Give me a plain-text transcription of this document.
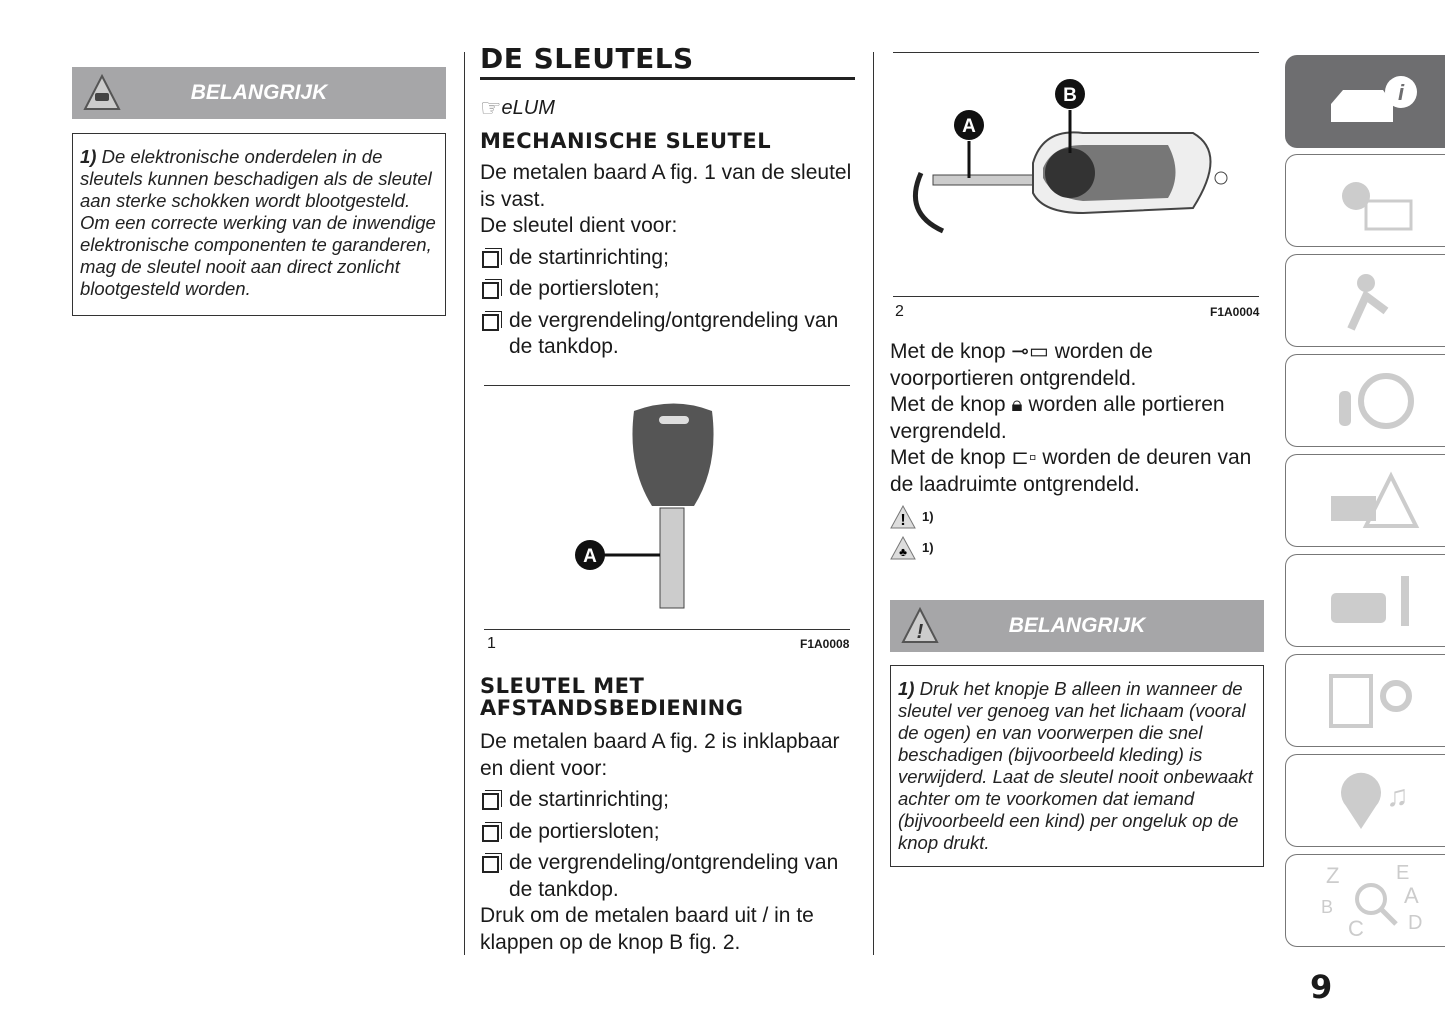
BELANGRIJK
1) De elektronische onderdelen in de sleutels kunnen beschadigen als de sleutel aan sterke schokken wordt blootgesteld. Om een correcte werking van de inwendige elektronische componenten te garanderen, mag de sleutel nooit aan direct zonlicht blootgesteld worden.
DE SLEUTELS
☞ eLUM
MECHANISCHE SLEUTEL
De metalen baard A fig. 1 van de sleutel is vast.
De sleutel dient voor:
de startinrichting;
de portiersloten;
de vergrendeling/ontgrendeling van de tankdop.
A
1	F1A0008
SLEUTEL MET AFSTANDSBEDIENING
De metalen baard A fig. 2 is inklapbaar en dient voor:
de startinrichting;
de portiersloten;
de vergrendeling/ontgrendeling van de tankdop.
Druk om de metalen baard uit / in te klappen op de knop B fig. 2.
A
B
2	F1A0004
Met de knop ⊸▭ worden de voorportieren ontgrendeld.
Met de knop 🔒︎ worden alle portieren vergrendeld.
Met de knop ⊏▫ worden de deuren van de laadruimte ontgrendeld.
! 1)
♣ 1)
!	BELANGRIJK
1) Druk het knopje B alleen in wanneer de sleutel ver genoeg van het lichaam (vooral de ogen) en van voorwerpen die snel beschadigen (bijvoorbeeld kleding) is verwijderd. Laat de sleutel nooit onbewaakt achter om te voorkomen dat iemand (bijvoorbeeld een kind) per ongeluk op de knop drukt.
i
♫
Z	E
A
B
C D
9
